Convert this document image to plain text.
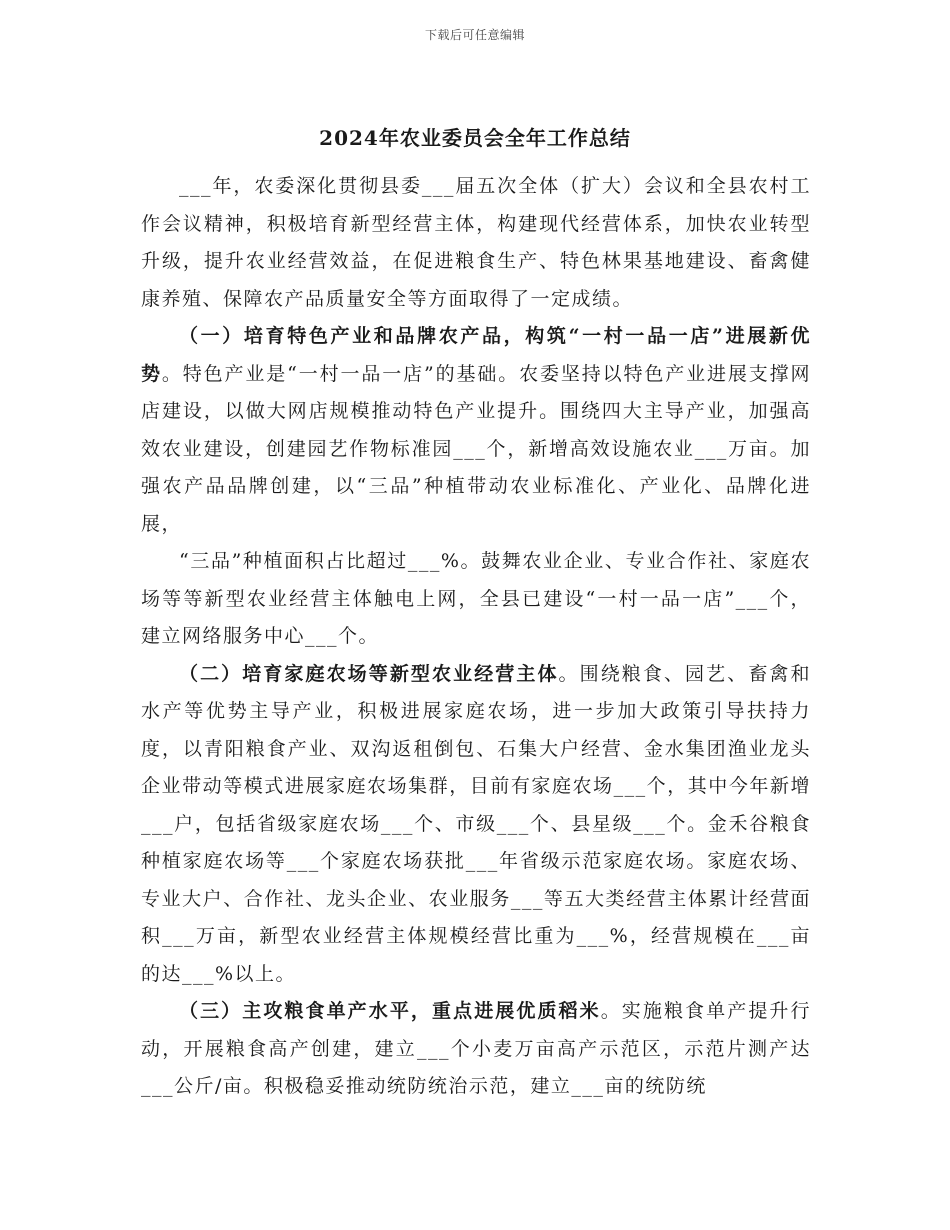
下载后可任意编辑
2024年农业委员会全年工作总结

___年，农委深化贯彻县委___届五次全体（扩大）会议和全县农村工作会议精神，积极培育新型经营主体，构建现代经营体系，加快农业转型升级，提升农业经营效益，在促进粮食生产、特色林果基地建设、畜禽健康养殖、保障农产品质量安全等方面取得了一定成绩。

（一）培育特色产业和品牌农产品，构筑“一村一品一店”进展新优势。特色产业是“一村一品一店”的基础。农委坚持以特色产业进展支撑网店建设，以做大网店规模推动特色产业提升。围绕四大主导产业，加强高效农业建设，创建园艺作物标准园___个，新增高效设施农业___万亩。加强农产品品牌创建，以“三品”种植带动农业标准化、产业化、品牌化进展，

“三品”种植面积占比超过___%。鼓舞农业企业、专业合作社、家庭农场等等新型农业经营主体触电上网，全县已建设“一村一品一店”___个，建立网络服务中心___个。

（二）培育家庭农场等新型农业经营主体。围绕粮食、园艺、畜禽和水产等优势主导产业，积极进展家庭农场，进一步加大政策引导扶持力度，以青阳粮食产业、双沟返租倒包、石集大户经营、金水集团渔业龙头企业带动等模式进展家庭农场集群，目前有家庭农场___个，其中今年新增___户，包括省级家庭农场___个、市级___个、县星级___个。金禾谷粮食种植家庭农场等___个家庭农场获批___年省级示范家庭农场。家庭农场、专业大户、合作社、龙头企业、农业服务___等五大类经营主体累计经营面积___万亩，新型农业经营主体规模经营比重为___%，经营规模在___亩的达___%以上。

（三）主攻粮食单产水平，重点进展优质稻米。实施粮食单产提升行动，开展粮食高产创建，建立___个小麦万亩高产示范区，示范片测产达___公斤/亩。积极稳妥推动统防统治示范，建立___亩的统防统
